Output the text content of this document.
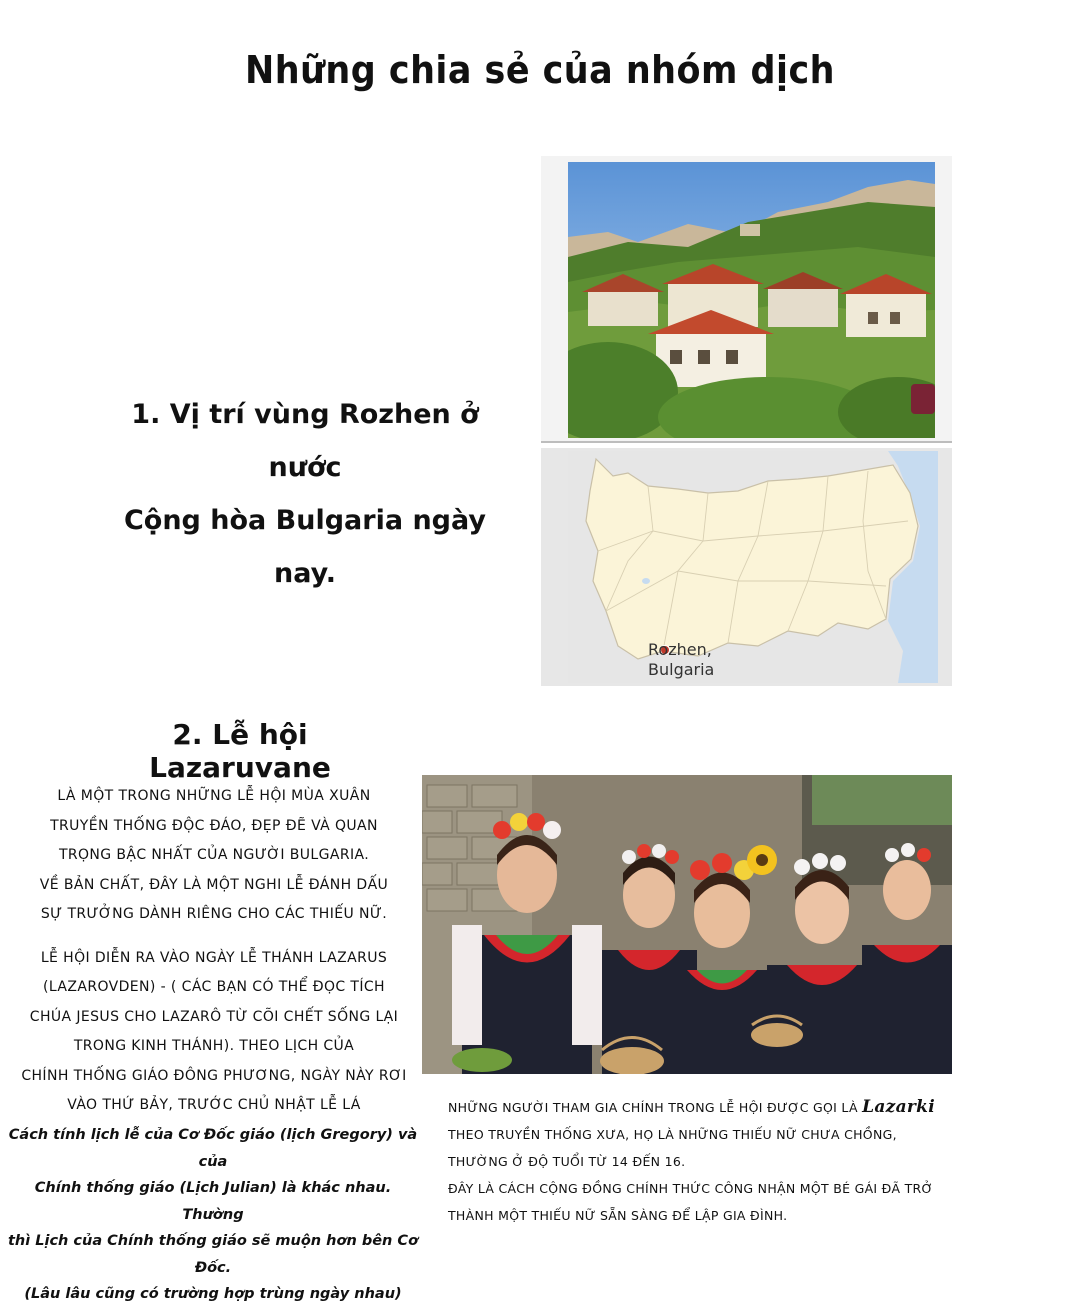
Những chia sẻ của nhóm dịch
1. Vị trí vùng Rozhen ở nước
Cộng hòa Bulgaria ngày nay.
Rozhen,
Bulgaria
2. Lễ hội Lazaruvane

LÀ MỘT TRONG NHỮNG LỄ HỘI MÙA XUÂN

TRUYỀN THỐNG ĐỘC ĐÁO, ĐẸP ĐẼ VÀ QUAN

TRỌNG BẬC NHẤT CỦA NGƯỜI BULGARIA.

VỀ BẢN CHẤT, ĐÂY LÀ MỘT NGHI LỄ ĐÁNH DẤU

SỰ TRƯỞNG DÀNH RIÊNG CHO CÁC THIẾU NỮ.

LỄ HỘI DIỄN RA VÀO NGÀY LỄ THÁNH LAZARUS

(LAZAROVDEN) - ( CÁC BẠN CÓ THỂ ĐỌC TÍCH

CHÚA JESUS CHO LAZARÔ TỪ CÕI CHẾT SỐNG LẠI

TRONG KINH THÁNH). THEO LỊCH CỦA

CHÍNH THỐNG GIÁO ĐÔNG PHƯƠNG, NGÀY NÀY RƠI

VÀO THỨ BẢY, TRƯỚC CHỦ NHẬT LỄ LÁ

Cách tính lịch lễ của Cơ Đốc giáo (lịch Gregory) và của

Chính thống giáo (Lịch Julian) là khác nhau. Thường

thì Lịch của Chính thống giáo sẽ muộn hơn bên Cơ Đốc.

(Lâu lâu cũng có trường hợp trùng ngày nhau)

NHỮNG NGƯỜI THAM GIA CHÍNH TRONG LỄ HỘI ĐƯỢC GỌI LÀ Lazarki

THEO TRUYỀN THỐNG XƯA, HỌ LÀ NHỮNG THIẾU NỮ CHƯA CHỒNG,

THƯỜNG Ở ĐỘ TUỔI TỪ 14 ĐẾN 16.

ĐÂY LÀ CÁCH CỘNG ĐỒNG CHÍNH THỨC CÔNG NHẬN MỘT BÉ GÁI ĐÃ TRỞ

THÀNH MỘT THIẾU NỮ SẴN SÀNG ĐỂ LẬP GIA ĐÌNH.
